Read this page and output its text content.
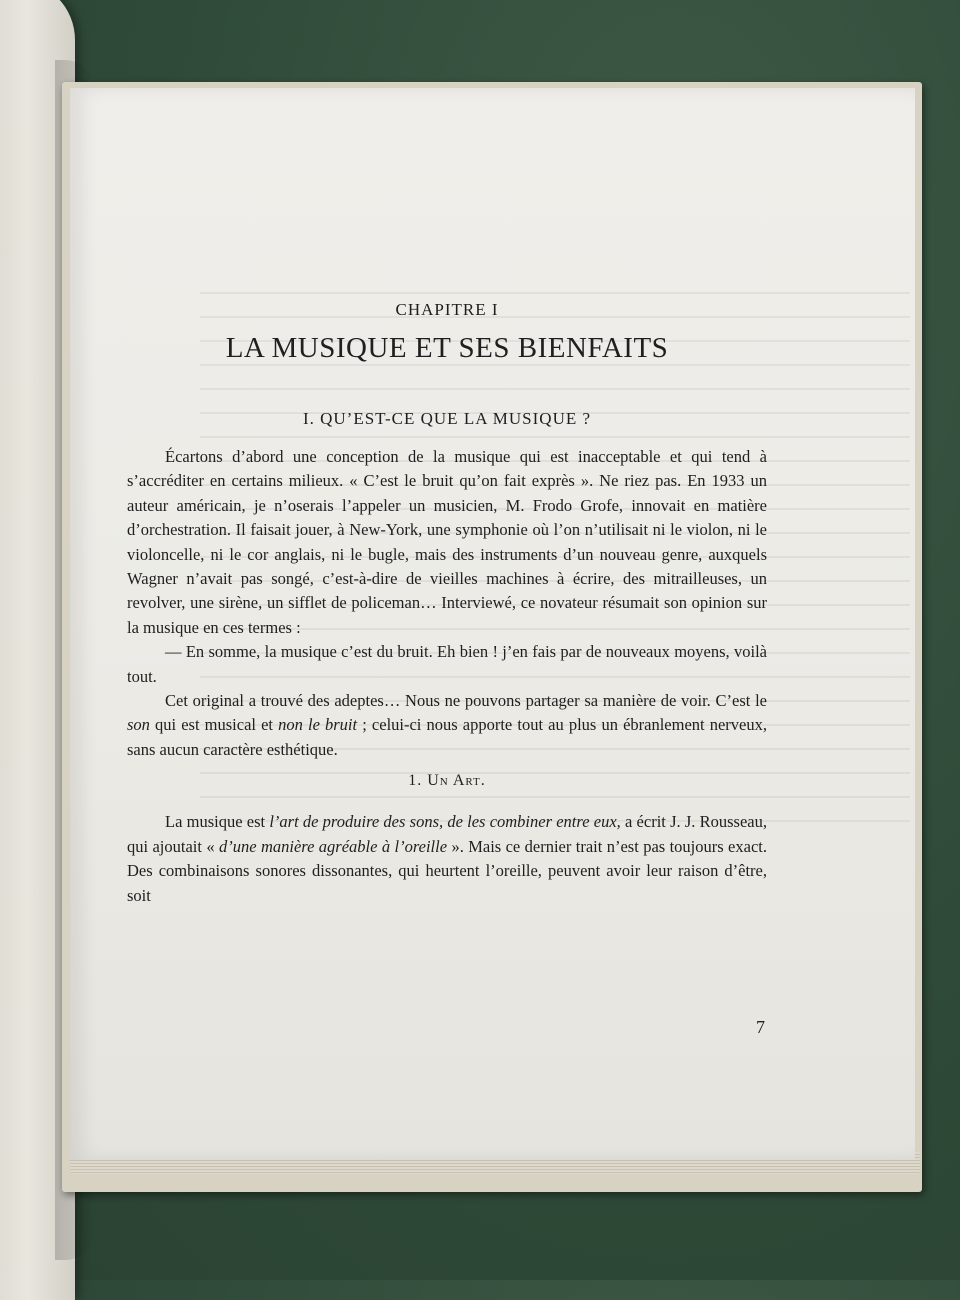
CHAPITRE I

LA MUSIQUE ET SES BIENFAITS
I. QU’EST-CE QUE LA MUSIQUE ?

Écartons d’abord une conception de la musique qui est inacceptable et qui tend à s’accréditer en certains milieux. « C’est le bruit qu’on fait exprès ». Ne riez pas. En 1933 un auteur américain, je n’oserais l’appeler un musicien, M. Frodo Grofe, innovait en matière d’orchestration. Il faisait jouer, à New-York, une symphonie où l’on n’utilisait ni le violon, ni le violoncelle, ni le cor anglais, ni le bugle, mais des instruments d’un nouveau genre, auxquels Wagner n’avait pas songé, c’est-à-dire de vieilles machines à écrire, des mitrailleuses, un revolver, une sirène, un sifflet de policeman… Interviewé, ce novateur résumait son opinion sur la musique en ces termes :

— En somme, la musique c’est du bruit. Eh bien ! j’en fais par de nouveaux moyens, voilà tout.

Cet original a trouvé des adeptes… Nous ne pouvons partager sa manière de voir. C’est le son qui est musical et non le bruit ; celui-ci nous apporte tout au plus un ébranlement nerveux, sans aucun caractère esthétique.

1. Un Art.

La musique est l’art de produire des sons, de les combiner entre eux, a écrit J. J. Rousseau, qui ajoutait « d’une manière agréable à l’oreille ». Mais ce dernier trait n’est pas toujours exact. Des combinaisons sonores dissonantes, qui heurtent l’oreille, peuvent avoir leur raison d’être, soit

7
